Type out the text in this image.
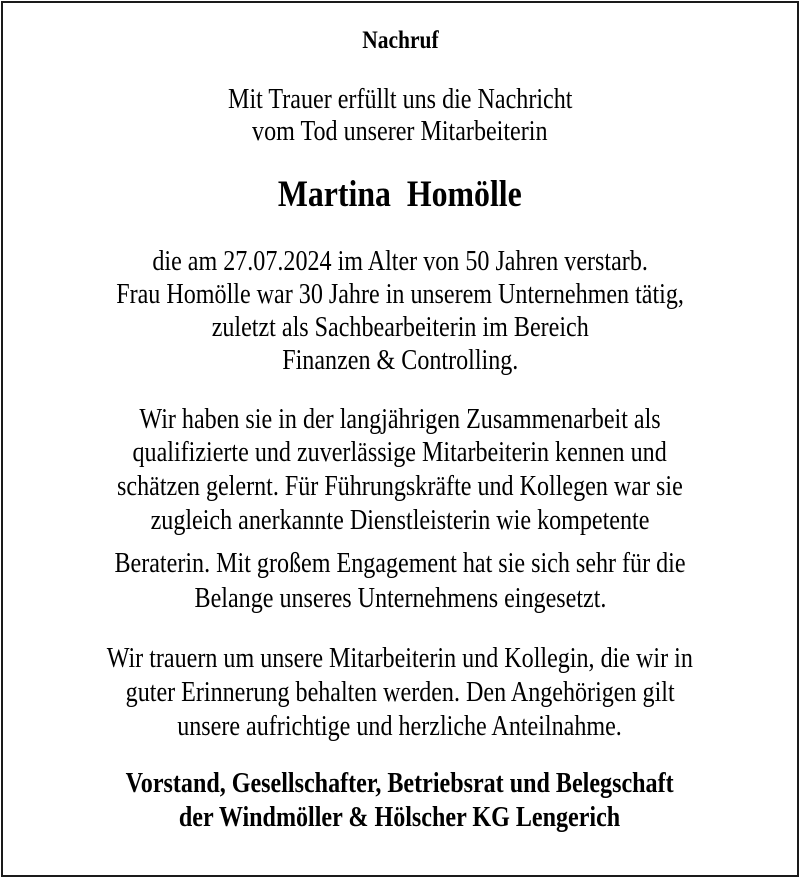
Nachruf
Mit Trauer erfüllt uns die Nachricht
vom Tod unserer Mitarbeiterin
Martina  Homölle
die am 27.07.2024 im Alter von 50 Jahren verstarb.
Frau Homölle war 30 Jahre in unserem Unternehmen tätig,
zuletzt als Sachbearbeiterin im Bereich
Finanzen & Controlling.
Wir haben sie in der langjährigen Zusammenarbeit als
qualifizierte und zuverlässige Mitarbeiterin kennen und
schätzen gelernt. Für Führungskräfte und Kollegen war sie
zugleich anerkannte Dienstleisterin wie kompetente
Beraterin. Mit großem Engagement hat sie sich sehr für die
Belange unseres Unternehmens eingesetzt.
Wir trauern um unsere Mitarbeiterin und Kollegin, die wir in
guter Erinnerung behalten werden. Den Angehörigen gilt
unsere aufrichtige und herzliche Anteilnahme.
Vorstand, Gesellschafter, Betriebsrat und Belegschaft
der Windmöller & Hölscher KG Lengerich
